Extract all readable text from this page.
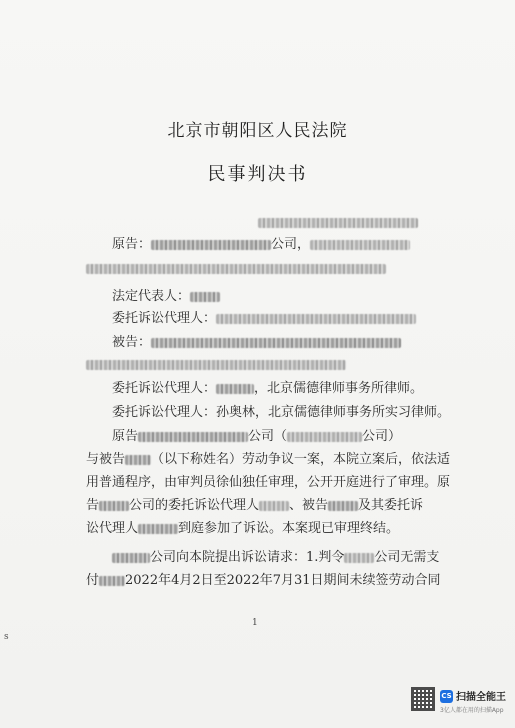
北京市朝阳区人民法院
民事判决书
原告：	公司，
法定代表人：
委托诉讼代理人：
被告：
委托诉讼代理人：	，北京儒德律师事务所律师。
委托诉讼代理人：孙奥林，北京儒德律师事务所实习律师。
原告	公司（	公司）
与被告 （以下称姓名）劳动争议一案，本院立案后，依法适
用普通程序，由审判员徐仙独任审理，公开开庭进行了审理。原
告 公司的委托诉讼代理人 、被告 及其委托诉
讼代理人	到庭参加了诉讼。本案现已审理终结。
公司向本院提出诉讼请求：1.判令 公司无需支
付 2022年4月2日至2022年7月31日期间未续签劳动合同
1
s
CS 扫描全能王
3亿人都在用的扫描App
